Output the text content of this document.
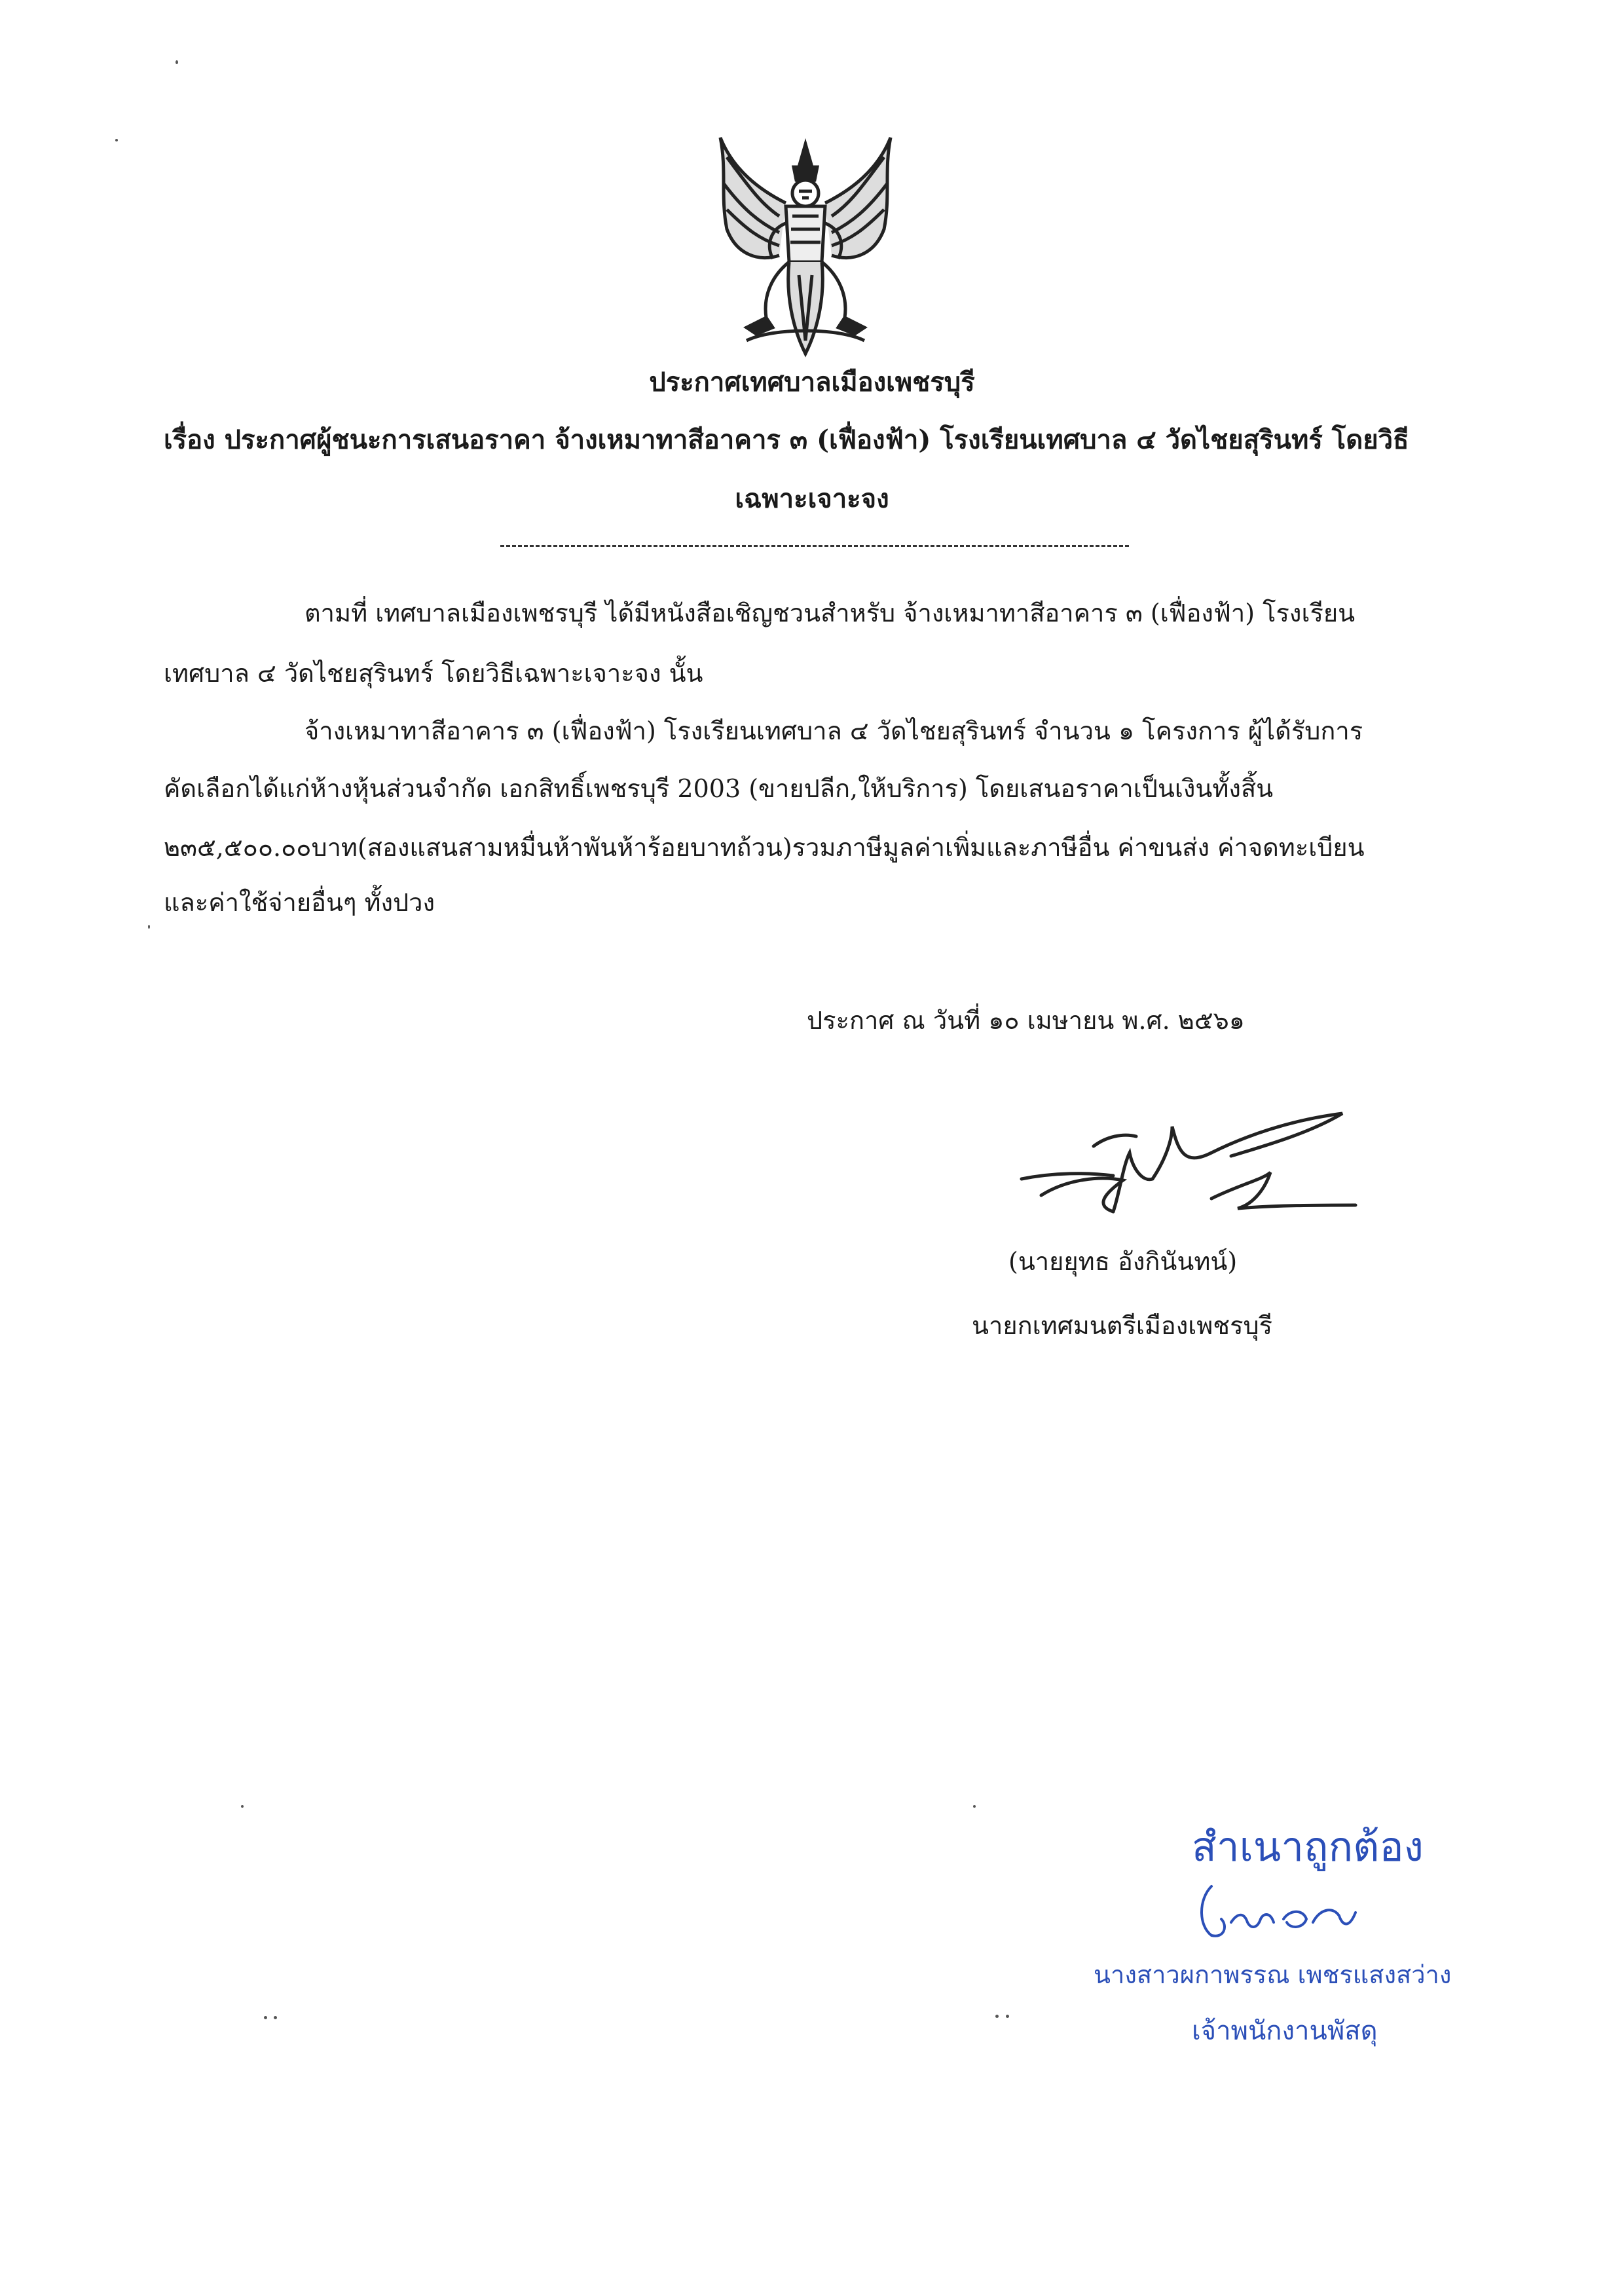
ประกาศเทศบาลเมืองเพชรบุรี
เรื่อง ประกาศผู้ชนะการเสนอราคา จ้างเหมาทาสีอาคาร ๓ (เฟื่องฟ้า) โรงเรียนเทศบาล ๔ วัดไชยสุรินทร์ โดยวิธี
เฉพาะเจาะจง
ตามที่ เทศบาลเมืองเพชรบุรี ได้มีหนังสือเชิญชวนสำหรับ จ้างเหมาทาสีอาคาร ๓ (เฟื่องฟ้า) โรงเรียน
เทศบาล ๔ วัดไชยสุรินทร์ โดยวิธีเฉพาะเจาะจง นั้น
จ้างเหมาทาสีอาคาร ๓ (เฟื่องฟ้า) โรงเรียนเทศบาล ๔ วัดไชยสุรินทร์ จำนวน ๑ โครงการ ผู้ได้รับการ
คัดเลือกได้แก่ห้างหุ้นส่วนจำกัด เอกสิทธิ์เพชรบุรี 2003 (ขายปลีก,ให้บริการ) โดยเสนอราคาเป็นเงินทั้งสิ้น
๒๓๕,๕๐๐.๐๐บาท(สองแสนสามหมื่นห้าพันห้าร้อยบาทถ้วน)รวมภาษีมูลค่าเพิ่มและภาษีอื่น ค่าขนส่ง ค่าจดทะเบียน
และค่าใช้จ่ายอื่นๆ ทั้งปวง
ประกาศ ณ วันที่ ๑๐ เมษายน พ.ศ. ๒๕๖๑
(นายยุทธ อังกินันทน์)
นายกเทศมนตรีเมืองเพชรบุรี
สำเนาถูกต้อง
นางสาวผกาพรรณ เพชรแสงสว่าง
เจ้าพนักงานพัสดุ
